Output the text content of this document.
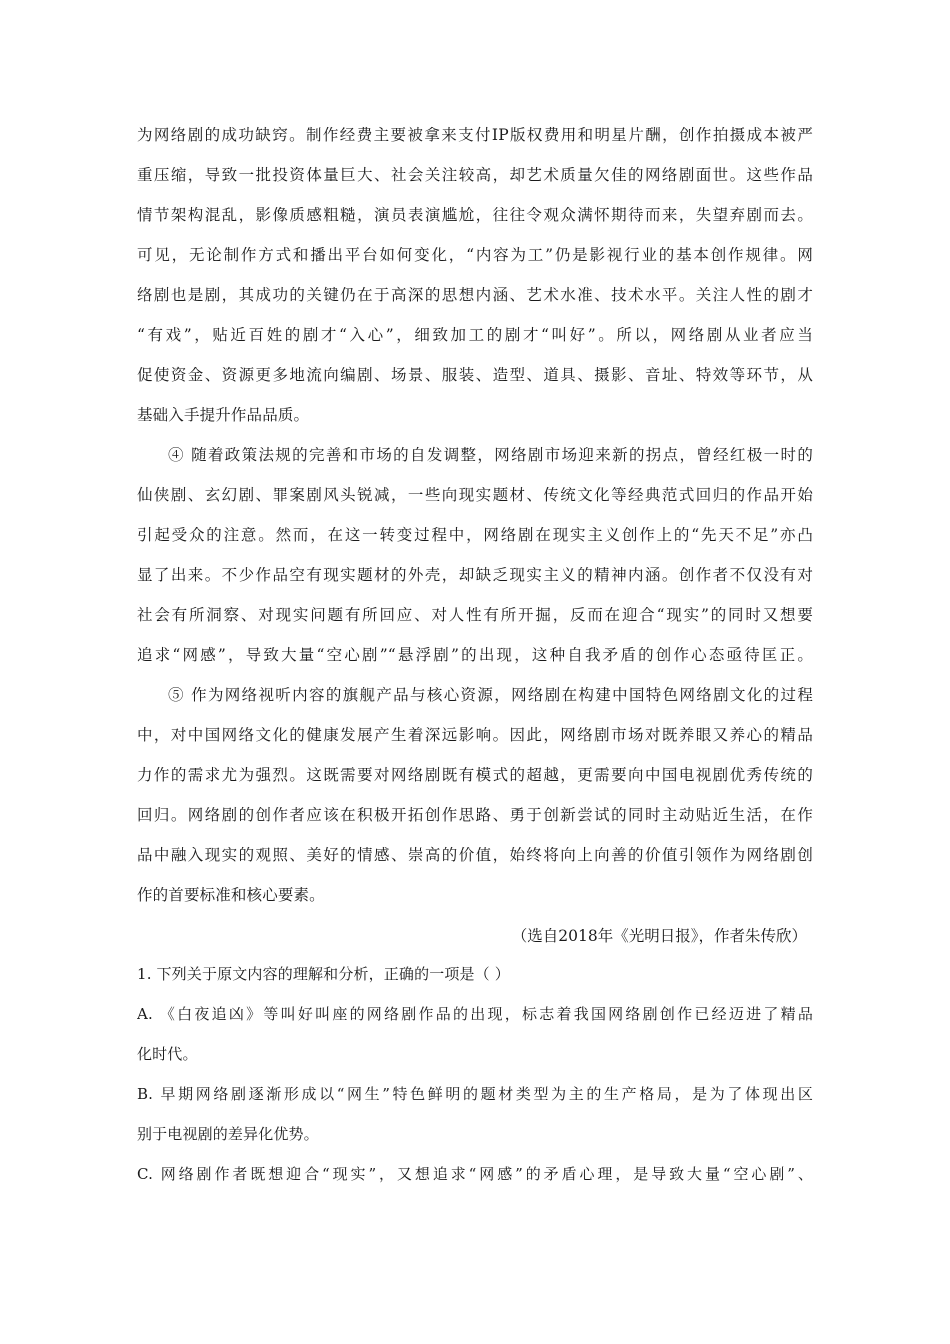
为网络剧的成功缺窍。制作经费主要被拿来支付IP版权费用和明星片酬，创作拍摄成本被严
重压缩，导致一批投资体量巨大、社会关注较高，却艺术质量欠佳的网络剧面世。这些作品
情节架构混乱，影像质感粗糙，演员表演尴尬，往往令观众满怀期待而来，失望弃剧而去。
可见，无论制作方式和播出平台如何变化，“内容为工”仍是影视行业的基本创作规律。网
络剧也是剧，其成功的关键仍在于高深的思想内涵、艺术水准、技术水平。关注人性的剧才
“有戏”，贴近百姓的剧才“入心”，细致加工的剧才“叫好”。所以，网络剧从业者应当
促使资金、资源更多地流向编剧、场景、服装、造型、道具、摄影、音址、特效等环节，从
基础入手提升作品品质。
④ 随着政策法规的完善和市场的自发调整，网络剧市场迎来新的拐点，曾经红极一时的
仙侠剧、玄幻剧、罪案剧风头锐减，一些向现实题材、传统文化等经典范式回归的作品开始
引起受众的注意。然而，在这一转变过程中，网络剧在现实主义创作上的“先天不足”亦凸
显了出来。不少作品空有现实题材的外壳，却缺乏现实主义的精神内涵。创作者不仅没有对
社会有所洞察、对现实问题有所回应、对人性有所开掘，反而在迎合“现实”的同时又想要
追求“网感”，导致大量“空心剧”“悬浮剧”的出现，这种自我矛盾的创作心态亟待匡正。
⑤ 作为网络视听内容的旗舰产品与核心资源，网络剧在构建中国特色网络剧文化的过程
中，对中国网络文化的健康发展产生着深远影响。因此，网络剧市场对既养眼又养心的精品
力作的需求尤为强烈。这既需要对网络剧既有模式的超越，更需要向中国电视剧优秀传统的
回归。网络剧的创作者应该在积极开拓创作思路、勇于创新尝试的同时主动贴近生活，在作
品中融入现实的观照、美好的情感、崇高的价值，始终将向上向善的价值引领作为网络剧创
作的首要标准和核心要素。
（选自2018年《光明日报》，作者朱传欣）
1. 下列关于原文内容的理解和分析，正确的一项是（ ）
A. 《白夜追凶》等叫好叫座的网络剧作品的出现，标志着我国网络剧创作已经迈进了精品
化时代。
B. 早期网络剧逐渐形成以“网生”特色鲜明的题材类型为主的生产格局，是为了体现出区
别于电视剧的差异化优势。
C. 网络剧作者既想迎合“现实”，又想追求“网感”的矛盾心理，是导致大量“空心剧”、
